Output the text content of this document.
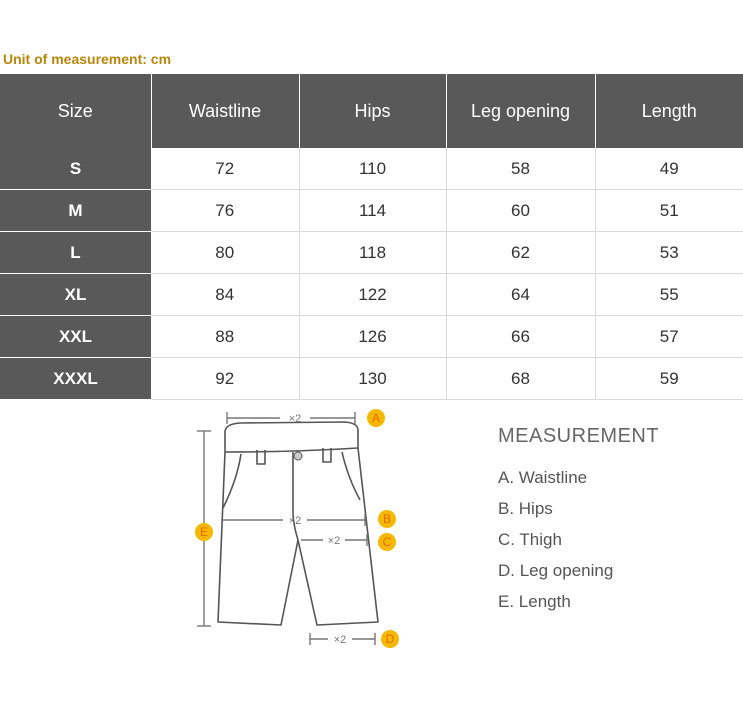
Unit of measurement: cm
Size	Waistline	Hips	Leg opening	Length
S	72	110	58	49
M	76	114	60	51
L	80	118	62	53
XL	84	122	64	55
XXL	88	126	66	57
XXXL	92	130	68	59
×2	A
×2	B
×2	C
×2	D
E
MEASUREMENT
A. Waistline
B. Hips
C. Thigh
D. Leg opening
E. Length
